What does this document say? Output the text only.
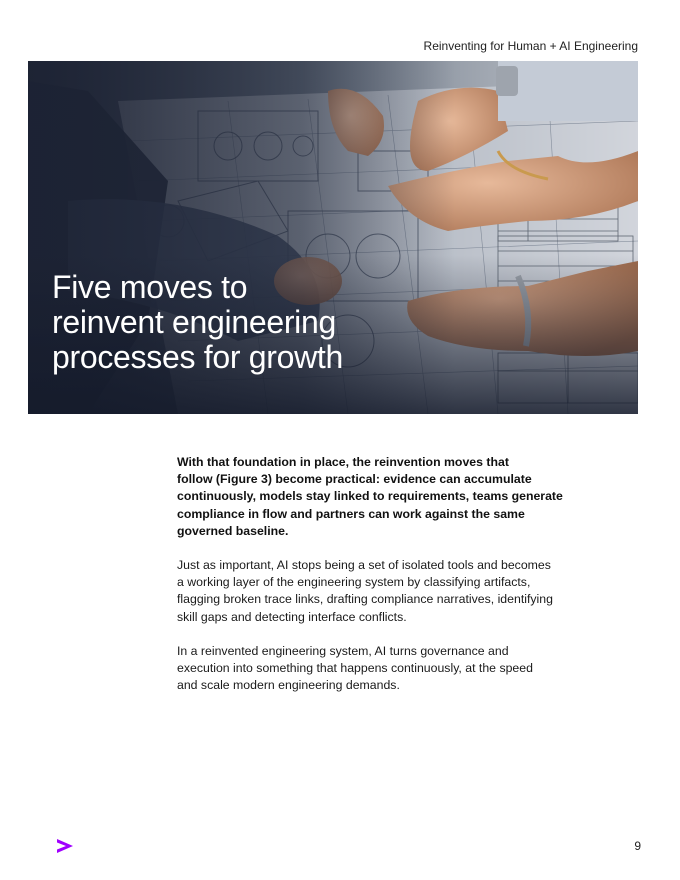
Reinventing for Human + AI Engineering
Five moves to
reinvent engineering
processes for growth

With that foundation in place, the reinvention moves that
follow (Figure 3) become practical: evidence can accumulate
continuously, models stay linked to requirements, teams generate
compliance in flow and partners can work against the same
governed baseline.

Just as important, AI stops being a set of isolated tools and becomes
a working layer of the engineering system by classifying artifacts,
flagging broken trace links, drafting compliance narratives, identifying
skill gaps and detecting interface conflicts.

In a reinvented engineering system, AI turns governance and
execution into something that happens continuously, at the speed
and scale modern engineering demands.

9
